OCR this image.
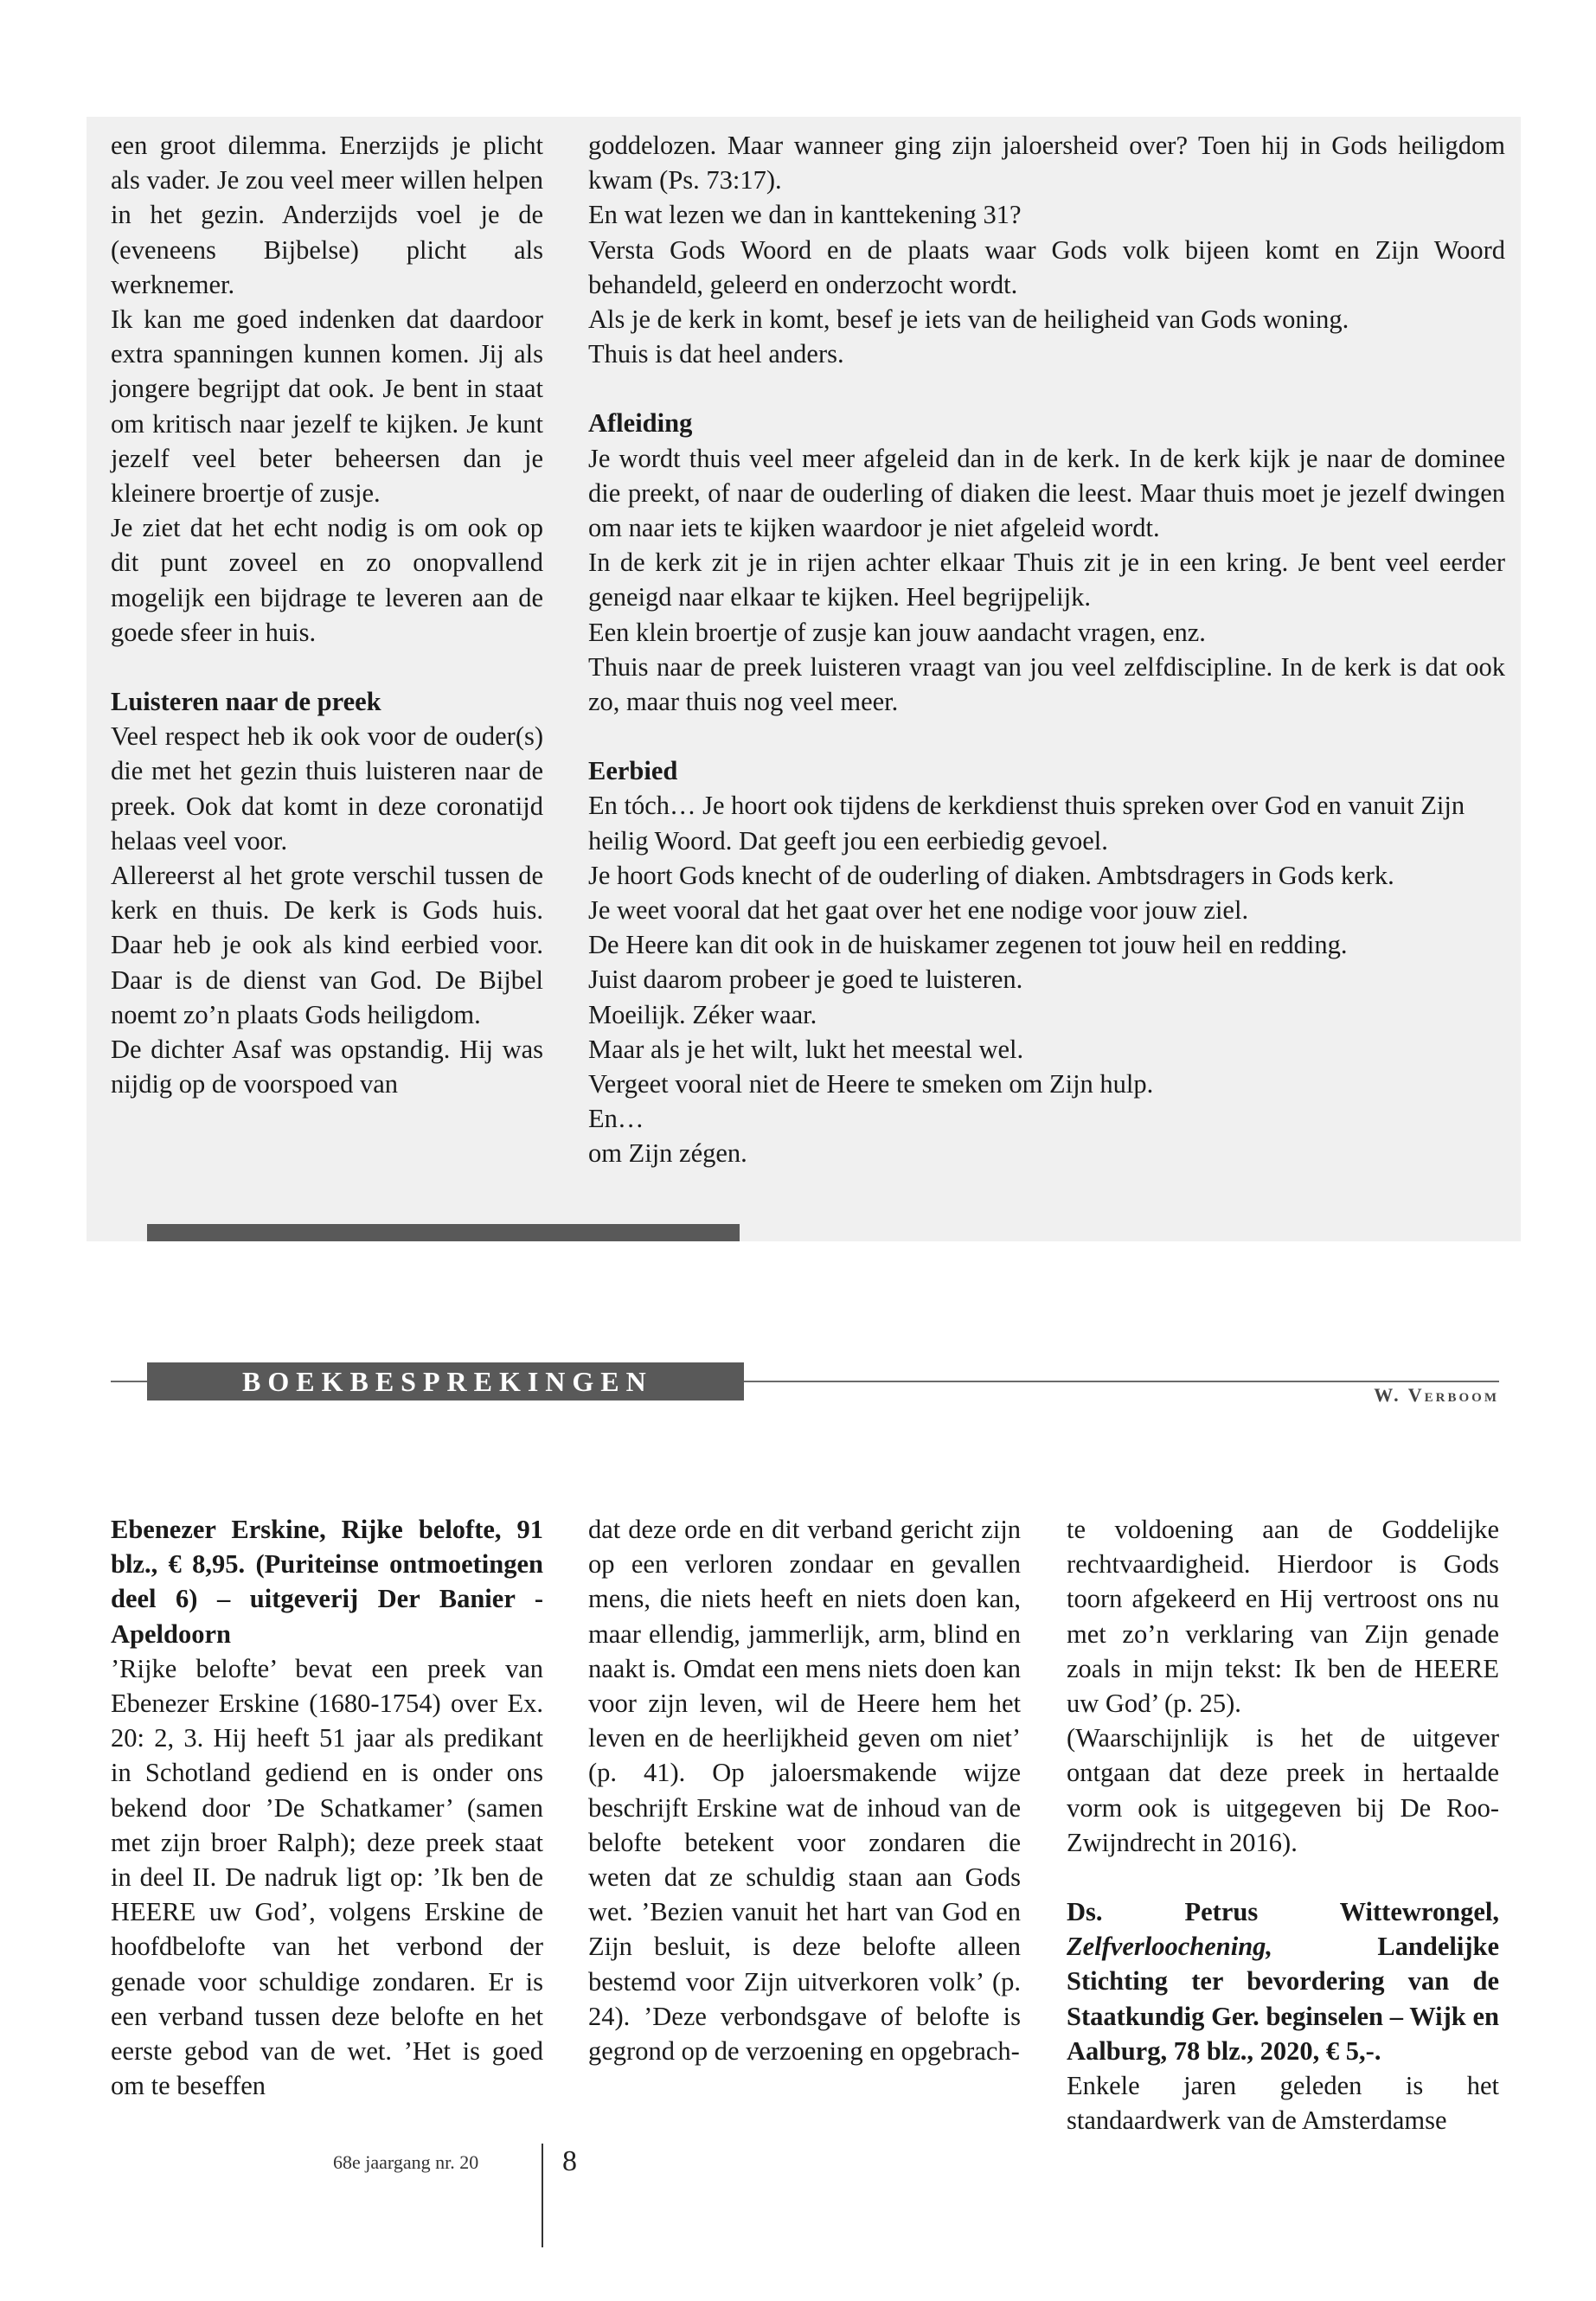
een groot dilemma. Enerzijds je plicht als vader. Je zou veel meer willen helpen in het gezin. Anderzijds voel je de (eveneens Bijbelse) plicht als werknemer.

Ik kan me goed indenken dat daardoor extra spanningen kunnen komen. Jij als jongere begrijpt dat ook. Je bent in staat om kritisch naar jezelf te kijken. Je kunt jezelf veel beter beheersen dan je kleinere broertje of zusje.

Je ziet dat het echt nodig is om ook op dit punt zoveel en zo onopvallend mogelijk een bijdrage te leveren aan de goede sfeer in huis.

Luisteren naar de preek

Veel respect heb ik ook voor de ouder(s) die met het gezin thuis luisteren naar de preek. Ook dat komt in deze coronatijd helaas veel voor.

Allereerst al het grote verschil tussen de kerk en thuis. De kerk is Gods huis. Daar heb je ook als kind eerbied voor. Daar is de dienst van God. De Bijbel noemt zo’n plaats Gods heiligdom.

De dichter Asaf was opstandig. Hij was nijdig op de voorspoed van

goddelozen. Maar wanneer ging zijn jaloersheid over? Toen hij in Gods heiligdom kwam (Ps. 73:17).

En wat lezen we dan in kanttekening 31?

Versta Gods Woord en de plaats waar Gods volk bijeen komt en Zijn Woord behandeld, geleerd en onderzocht wordt.

Als je de kerk in komt, besef je iets van de heiligheid van Gods woning.

Thuis is dat heel anders.

Afleiding

Je wordt thuis veel meer afgeleid dan in de kerk. In de kerk kijk je naar de dominee die preekt, of naar de ouderling of diaken die leest. Maar thuis moet je jezelf dwingen om naar iets te kijken waardoor je niet afgeleid wordt.

In de kerk zit je in rijen achter elkaar Thuis zit je in een kring. Je bent veel eerder geneigd naar elkaar te kijken. Heel begrijpelijk.

Een klein broertje of zusje kan jouw aandacht vragen, enz.

Thuis naar de preek luisteren vraagt van jou veel zelfdiscipline. In de kerk is dat ook zo, maar thuis nog veel meer.

Eerbied

En tóch… Je hoort ook tijdens de kerkdienst thuis spreken over God en vanuit Zijn heilig Woord. Dat geeft jou een eerbiedig gevoel.

Je hoort Gods knecht of de ouderling of diaken. Ambtsdragers in Gods kerk.

Je weet vooral dat het gaat over het ene nodige voor jouw ziel.

De Heere kan dit ook in de huiskamer zegenen tot jouw heil en redding.

Juist daarom probeer je goed te luisteren.

Moeilijk. Zéker waar.

Maar als je het wilt, lukt het meestal wel.

Vergeet vooral niet de Heere te smeken om Zijn hulp.

En…

om Zijn zégen.

BOEKBESPREKINGEN	W. Verboom

Ebenezer Erskine, Rijke belofte, 91 blz., € 8,95. (Puriteinse ontmoetingen deel 6) – uitgeverij Der Banier - Apeldoorn

’Rijke belofte’ bevat een preek van Ebenezer Erskine (1680-1754) over Ex. 20: 2, 3. Hij heeft 51 jaar als predikant in Schotland gediend en is onder ons bekend door ’De Schatkamer’ (samen met zijn broer Ralph); deze preek staat in deel II. De nadruk ligt op: ’Ik ben de HEERE uw God’, volgens Erskine de hoofdbelofte van het verbond der genade voor schuldige zondaren. Er is een verband tussen deze belofte en het eerste gebod van de wet. ’Het is goed om te beseffen

dat deze orde en dit verband gericht zijn op een verloren zondaar en gevallen mens, die niets heeft en niets doen kan, maar ellendig, jammerlijk, arm, blind en naakt is. Omdat een mens niets doen kan voor zijn leven, wil de Heere hem het leven en de heerlijkheid geven om niet’ (p. 41). Op jaloersmakende wijze beschrijft Erskine wat de inhoud van de belofte betekent voor zondaren die weten dat ze schuldig staan aan Gods wet. ’Bezien vanuit het hart van God en Zijn besluit, is deze belofte alleen bestemd voor Zijn uitverkoren volk’ (p. 24). ’Deze verbondsgave of belofte is gegrond op de verzoening en opgebrach-

te voldoening aan de Goddelijke rechtvaardigheid. Hierdoor is Gods toorn afgekeerd en Hij vertroost ons nu met zo’n verklaring van Zijn genade zoals in mijn tekst: Ik ben de HEERE uw God’ (p. 25).

(Waarschijnlijk is het de uitgever ontgaan dat deze preek in hertaalde vorm ook is uitgegeven bij De Roo-Zwijndrecht in 2016).

Ds. Petrus Wittewrongel, Zelfverloochening, Landelijke Stichting ter bevordering van de Staatkundig Ger. beginselen – Wijk en Aalburg, 78 blz., 2020, € 5,-.

Enkele jaren geleden is het standaardwerk van de Amsterdamse

68e jaargang nr. 20	8
